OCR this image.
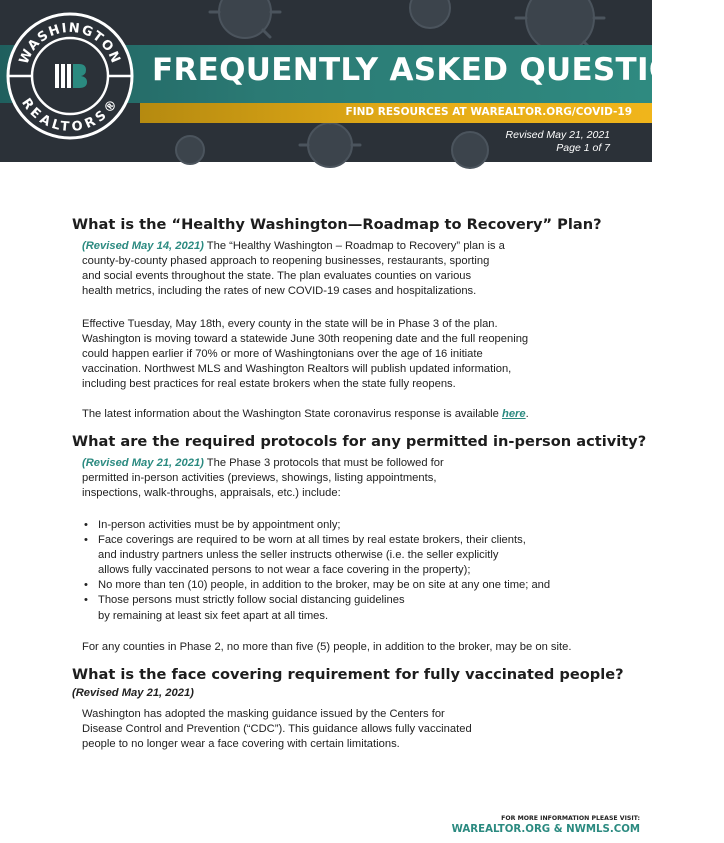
FREQUENTLY ASKED QUESTIONS
FIND RESOURCES AT WAREALTOR.ORG/COVID-19
Revised May 21, 2021
Page 1 of 7
WASHINGTON
REALTORS®
What is the “Healthy Washington—Roadmap to Recovery” Plan?

(Revised May 14, 2021) The “Healthy Washington – Roadmap to Recovery” plan is a
county-by-county phased approach to reopening businesses, restaurants, sporting
and social events throughout the state. The plan evaluates counties on various
health metrics, including the rates of new COVID-19 cases and hospitalizations.

Effective Tuesday, May 18th, every county in the state will be in Phase 3 of the plan.
Washington is moving toward a statewide June 30th reopening date and the full reopening
could happen earlier if 70% or more of Washingtonians over the age of 16 initiate
vaccination. Northwest MLS and Washington Realtors will publish updated information,
including best practices for real estate brokers when the state fully reopens.

The latest information about the Washington State coronavirus response is available here.

What are the required protocols for any permitted in-person activity?

(Revised May 21, 2021) The Phase 3 protocols that must be followed for
permitted in-person activities (previews, showings, listing appointments,
inspections, walk-throughs, appraisals, etc.) include:

• In-person activities must be by appointment only;
• Face coverings are required to be worn at all times by real estate brokers, their clients,
and industry partners unless the seller instructs otherwise (i.e. the seller explicitly
allows fully vaccinated persons to not wear a face covering in the property);
• No more than ten (10) people, in addition to the broker, may be on site at any one time; and
• Those persons must strictly follow social distancing guidelines
by remaining at least six feet apart at all times.

For any counties in Phase 2, no more than five (5) people, in addition to the broker, may be on site.

What is the face covering requirement for fully vaccinated people?

(Revised May 21, 2021)

Washington has adopted the masking guidance issued by the Centers for
Disease Control and Prevention (“CDC”). This guidance allows fully vaccinated
people to no longer wear a face covering with certain limitations.

FOR MORE INFORMATION PLEASE VISIT:
WAREALTOR.ORG & NWMLS.COM
